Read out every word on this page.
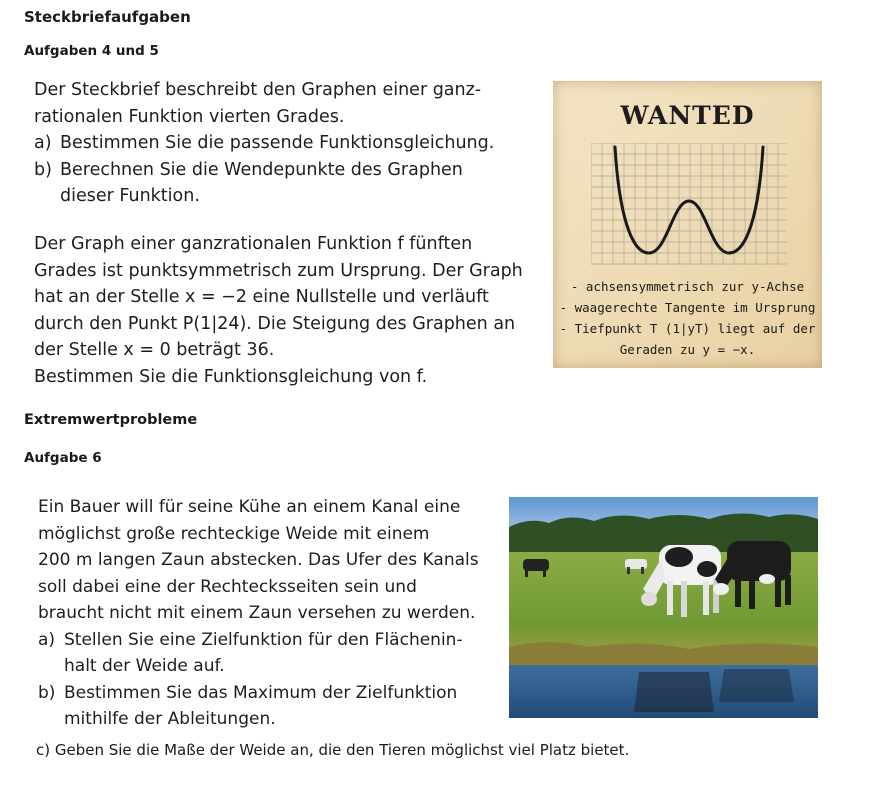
Steckbriefaufgaben
Aufgaben 4 und 5

Der Steckbrief beschreibt den Graphen einer ganz-

rationalen Funktion vierten Grades.

a) Bestimmen Sie die passende Funktionsgleichung.
b) Berechnen Sie die Wendepunkte des Graphen
dieser Funktion.

Der Graph einer ganzrationalen Funktion f fünften

Grades ist punktsymmetrisch zum Ursprung. Der Graph

hat an der Stelle x = −2 eine Nullstelle und verläuft

durch den Punkt P(1|24). Die Steigung des Graphen an

der Stelle x = 0 beträgt 36.

Bestimmen Sie die Funktionsgleichung von f.

WANTED
- achsensymmetrisch zur y-Achse
- waagerechte Tangente im Ursprung
- Tiefpunkt T (1|yT) liegt auf der
Geraden zu y = −x.
Extremwertprobleme
Aufgabe 6

Ein Bauer will für seine Kühe an einem Kanal eine

möglichst große rechteckige Weide mit einem

200 m langen Zaun abstecken. Das Ufer des Kanals

soll dabei eine der Rechtecksseiten sein und

braucht nicht mit einem Zaun versehen zu werden.

a) Stellen Sie eine Zielfunktion für den Flächenin-
halt der Weide auf.
b) Bestimmen Sie das Maximum der Zielfunktion
mithilfe der Ableitungen.
c) Geben Sie die Maße der Weide an, die den Tieren möglichst viel Platz bietet.
